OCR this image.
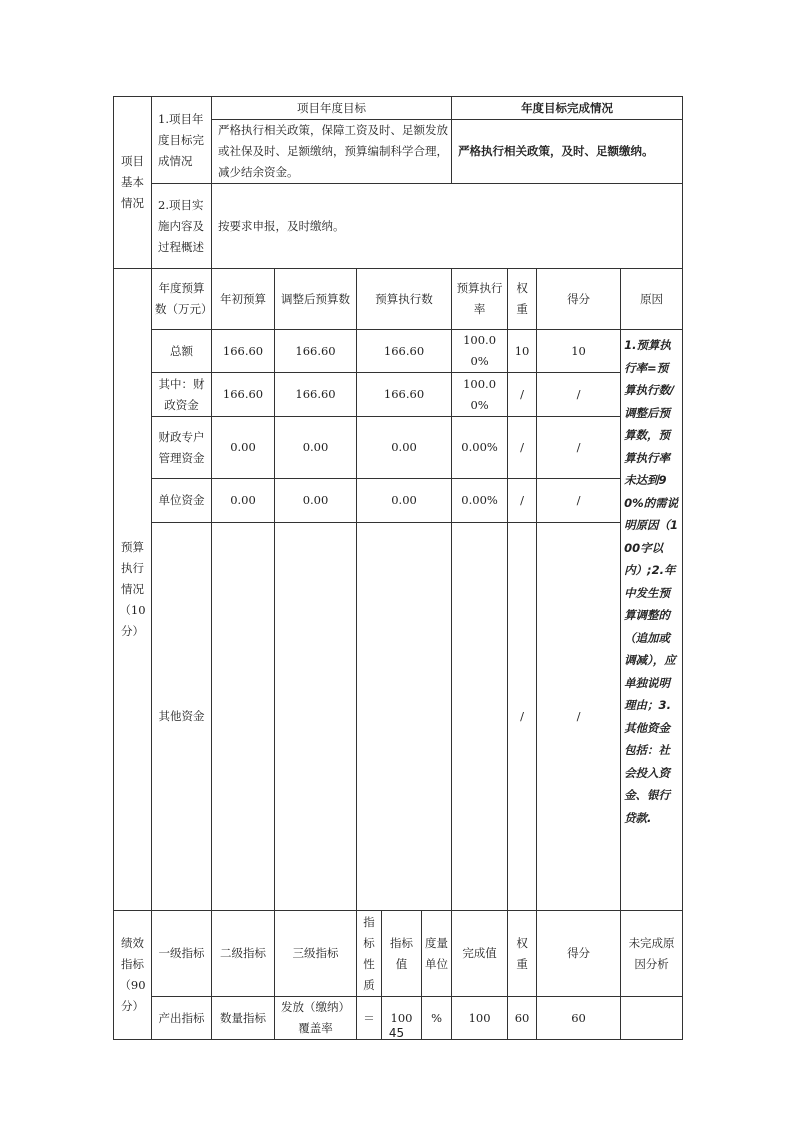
项目基本情况	1.项目年度目标完成情况	项目年度目标					年度目标完成情况			
		严格执行相关政策，保障工资及时、足额发放或社保及时、足额缴纳，预算编制科学合理，减少结余资金。					严格执行相关政策，及时、足额缴纳。			
	2.项目实施内容及过程概述	按要求申报，及时缴纳。								
预算执行情况（10分）	年度预算数（万元）	年初预算	调整后预算数	预算执行数			预算执行率	权重	得分	原因
	总额	166.60	166.60	166.60			100.00%	10	10	1.预算执行率=预算执行数/调整后预算数，预算执行率未达到90%的需说明原因（100字以内）;2.年中发生预算调整的（追加或调减），应单独说明理由；3.其他资金包括：社会投入资金、银行贷款.
	其中：财政资金	166.60	166.60	166.60			100.00%	/	/	
	财政专户管理资金	0.00	0.00	0.00			0.00%	/	/	
	单位资金	0.00	0.00	0.00			0.00%	/	/	
	其他资金							/	/	
绩效指标（90分）	一级指标	二级指标	三级指标	指标性质	指标值	度量单位	完成值	权重	得分	未完成原因分析
	产出指标	数量指标	发放（缴纳）覆盖率	＝	100	%	100	60	60	
45
